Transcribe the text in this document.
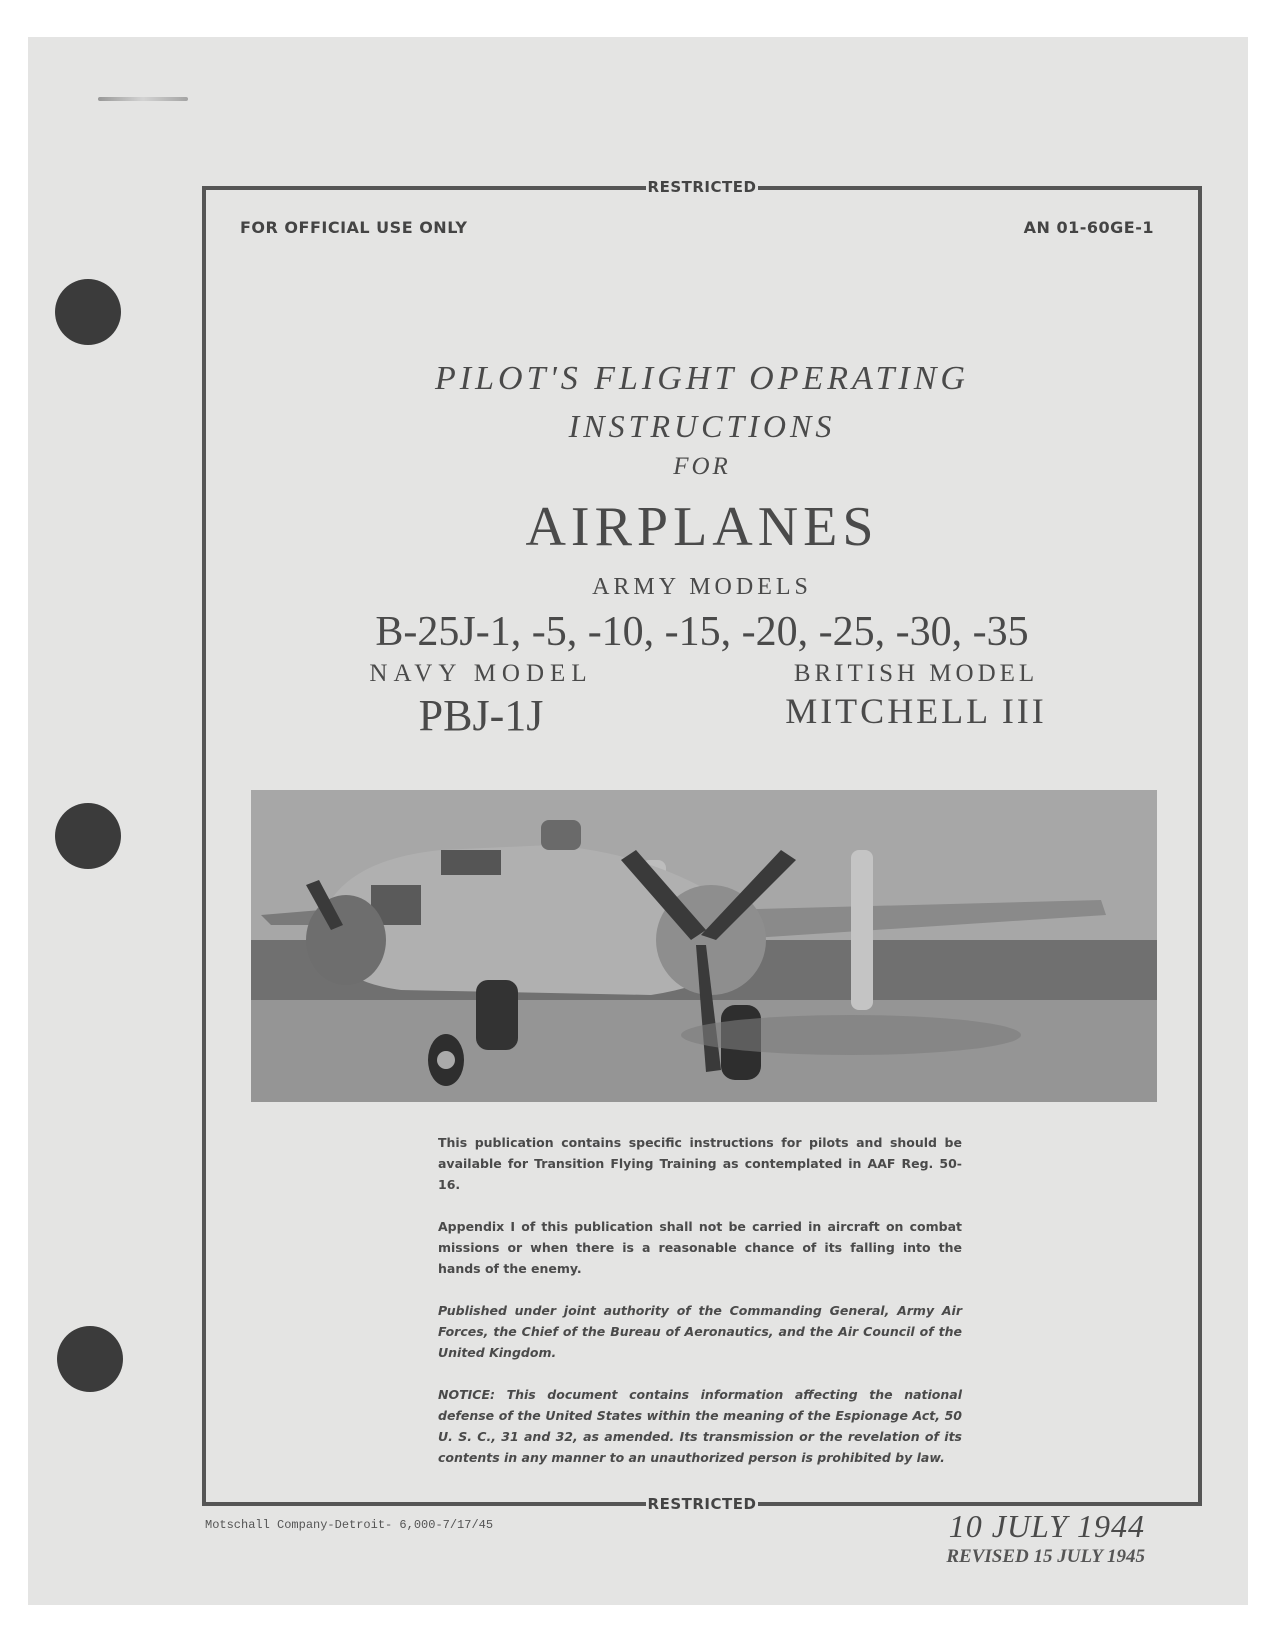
RESTRICTED
FOR OFFICIAL USE ONLY	AN 01-60GE-1
PILOT'S FLIGHT OPERATING
INSTRUCTIONS
FOR
AIRPLANES
ARMY MODELS
B-25J-1, -5, -10, -15, -20, -25, -30, -35
NAVY MODEL
PBJ-1J
BRITISH MODEL
MITCHELL III

This publication contains specific instructions for pilots and should be available for Transition Flying Training as contemplated in AAF Reg. 50-16.

Appendix I of this publication shall not be carried in aircraft on combat missions or when there is a reasonable chance of its falling into the hands of the enemy.

Published under joint authority of the Commanding General, Army Air Forces, the Chief of the Bureau of Aeronautics, and the Air Council of the United Kingdom.

NOTICE: This document contains information affecting the national defense of the United States within the meaning of the Espionage Act, 50 U. S. C., 31 and 32, as amended. Its transmission or the revelation of its contents in any manner to an unauthorized person is prohibited by law.

RESTRICTED
Motschall Company-Detroit- 6,000-7/17/45	10 JULY 1944
REVISED 15 JULY 1945
